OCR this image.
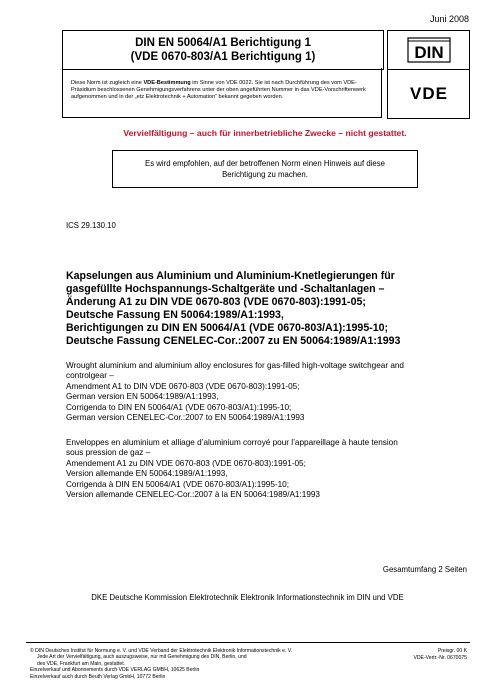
Juni 2008
DIN EN 50064/A1 Berichtigung 1
(VDE 0670-803/A1 Berichtigung 1)	DIN
Diese Norm ist zugleich eine VDE-Bestimmung im Sinne von VDE 0022. Sie ist nach Durchführung des vom VDE-Präsidium beschlossenen Genehmigungsverfahrens unter der oben angeführten Nummer in das VDE-Vorschriftenwerk aufgenommen und in der „etz Elektrotechnik + Automation“ bekannt gegeben worden.	VDE
Vervielfältigung – auch für innerbetriebliche Zwecke – nicht gestattet.
Es wird empfohlen, auf der betroffenen Norm einen Hinweis auf diese
Berichtigung zu machen.
ICS 29.130.10
Kapselungen aus Aluminium und Aluminium-Knetlegierungen für
gasgefüllte Hochspannungs-Schaltgeräte und -Schaltanlagen –
Änderung A1 zu DIN VDE 0670-803 (VDE 0670-803):1991-05;
Deutsche Fassung EN 50064:1989/A1:1993,
Berichtigungen zu DIN EN 50064/A1 (VDE 0670-803/A1):1995-10;
Deutsche Fassung CENELEC-Cor.:2007 zu EN 50064:1989/A1:1993
Wrought aluminium and aluminium alloy enclosures for gas-filled high-voltage switchgear and
controlgear –
Amendment A1 to DIN VDE 0670-803 (VDE 0670-803):1991-05;
German version EN 50064:1989/A1:1993,
Corrigenda to DIN EN 50064/A1 (VDE 0670-803/A1):1995-10;
German version CENELEC-Cor.:2007 to EN 50064:1989/A1:1993
Enveloppes en aluminium et alliage d’aluminium corroyé pour l’appareillage à haute tension
sous pression de gaz –
Amendement A1 zu DIN VDE 0670-803 (VDE 0670-803):1991-05;
Version allemande EN 50064:1989/A1:1993,
Corrigenda à DIN EN 50064/A1 (VDE 0670-803/A1):1995-10;
Version allemande CENELEC-Cor.:2007 à la EN 50064:1989/A1:1993
Gesamtumfang 2 Seiten
DKE Deutsche Kommission Elektrotechnik Elektronik Informationstechnik im DIN und VDE
© DIN Deutsches Institut für Normung e. V. und VDE Verband der Elektrotechnik Elektronik Informationstechnik e. V.
Jede Art der Vervielfältigung, auch auszugsweise, nur mit Genehmigung des DIN, Berlin, und
des VDE, Frankfurt am Main, gestattet.
Einzelverkauf und Abonnements durch VDE VERLAG GMBH, 10625 Berlin
Einzelverkauf auch durch Beuth Verlag GmbH, 10772 Berlin
Preisgr. 00 K
VDE-Vertr.-Nr. 0670075
